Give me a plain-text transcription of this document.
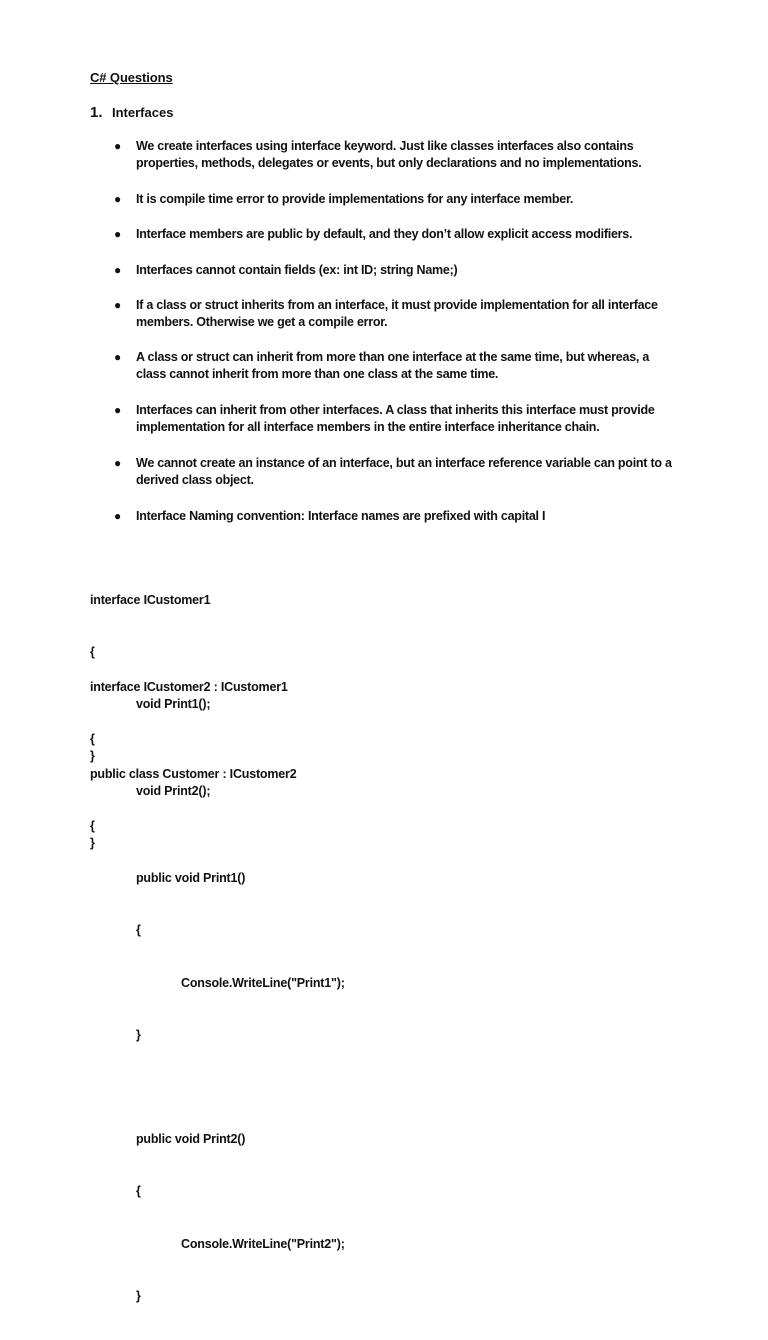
C# Questions
1. Interfaces
● We create interfaces using interface keyword. Just like classes interfaces also contains
properties, methods, delegates or events, but only declarations and no implementations.
● It is compile time error to provide implementations for any interface member.
● Interface members are public by default, and they don’t allow explicit access modifiers.
● Interfaces cannot contain fields (ex: int ID; string Name;)
● If a class or struct inherits from an interface, it must provide implementation for all interface
members. Otherwise we get a compile error.
● A class or struct can inherit from more than one interface at the same time, but whereas, a
class cannot inherit from more than one class at the same time.
● Interfaces can inherit from other interfaces. A class that inherits this interface must provide
implementation for all interface members in the entire interface inheritance chain.
● We cannot create an instance of an interface, but an interface reference variable can point to a
derived class object.
● Interface Naming convention: Interface names are prefixed with capital I

interface ICustomer1

{

void Print1();

}

interface ICustomer2 : ICustomer1

{

void Print2();

}

public class Customer : ICustomer2

{

public void Print1()

{

Console.WriteLine("Print1");

}

public void Print2()

{

Console.WriteLine("Print2");

}
